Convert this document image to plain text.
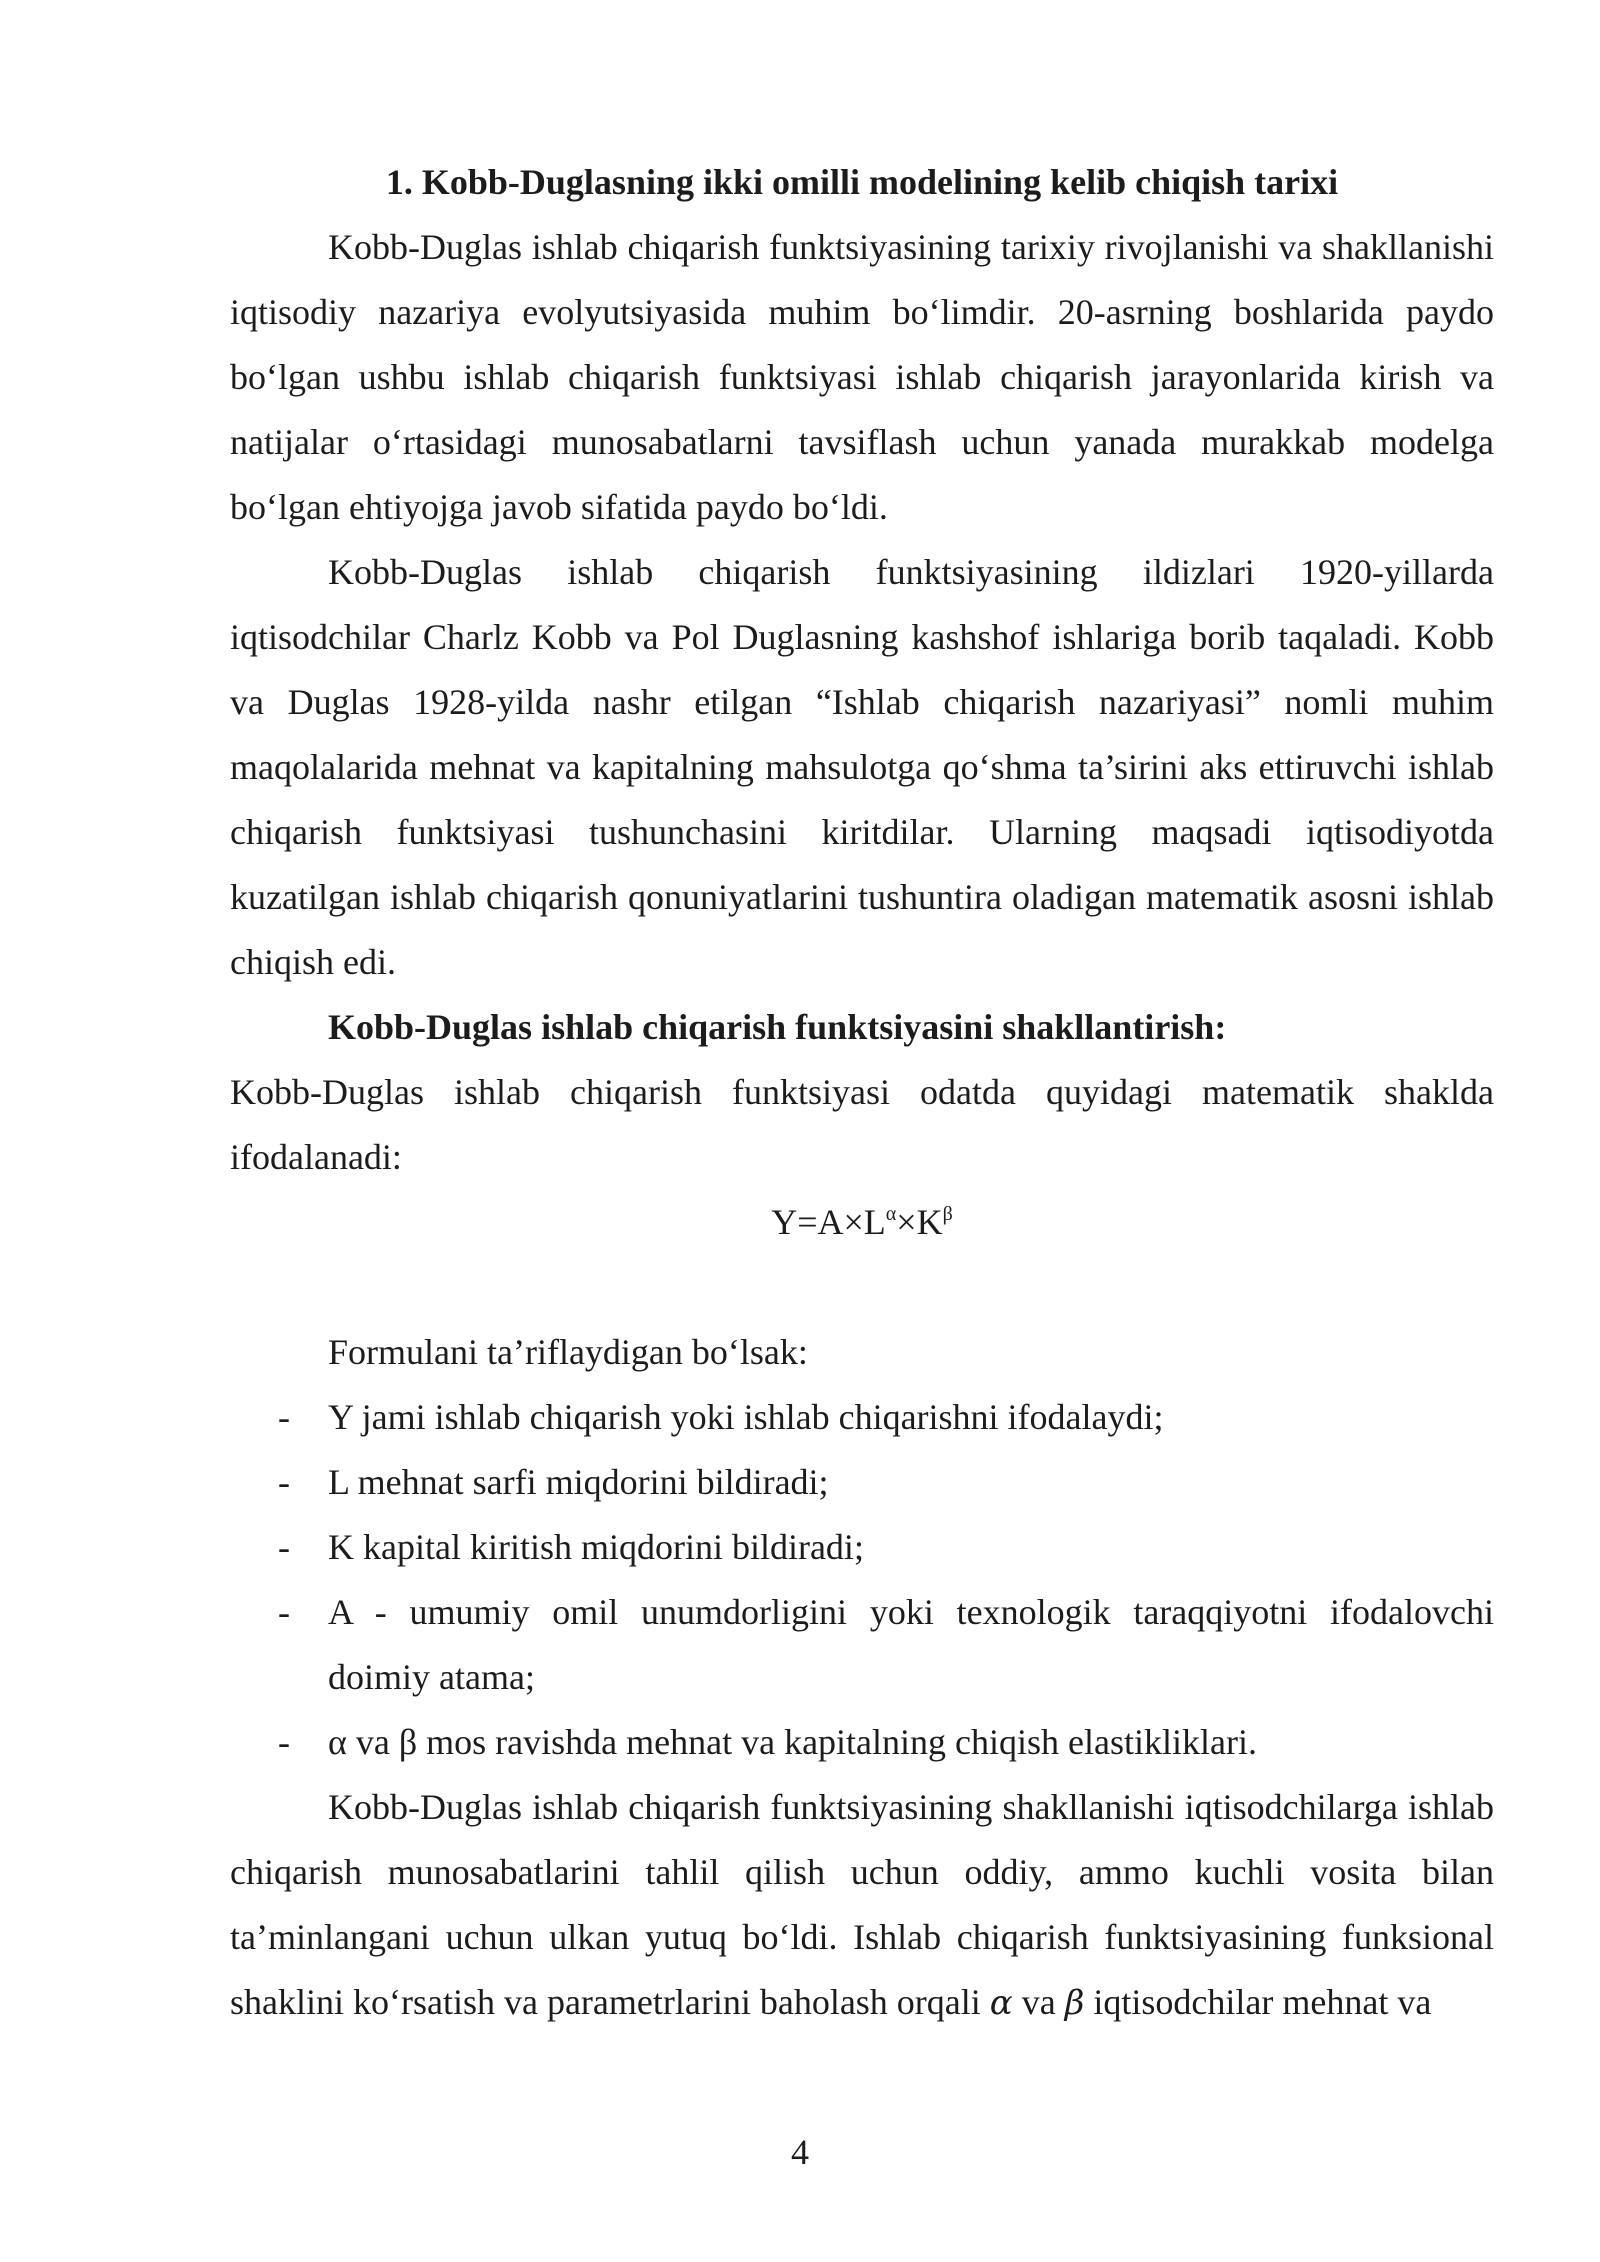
1. Kobb-Duglasning ikki omilli modelining kelib chiqish tarixi

Kobb-Duglas ishlab chiqarish funktsiyasining tarixiy rivojlanishi va shakllanishi iqtisodiy nazariya evolyutsiyasida muhim bo‘limdir. 20-asrning boshlarida paydo bo‘lgan ushbu ishlab chiqarish funktsiyasi ishlab chiqarish jarayonlarida kirish va natijalar o‘rtasidagi munosabatlarni tavsiflash uchun yanada murakkab modelga bo‘lgan ehtiyojga javob sifatida paydo bo‘ldi.

Kobb-Duglas ishlab chiqarish funktsiyasining ildizlari 1920-yillarda iqtisodchilar Charlz Kobb va Pol Duglasning kashshof ishlariga borib taqaladi. Kobb va Duglas 1928-yilda nashr etilgan “Ishlab chiqarish nazariyasi” nomli muhim maqolalarida mehnat va kapitalning mahsulotga qo‘shma ta’sirini aks ettiruvchi ishlab chiqarish funktsiyasi tushunchasini kiritdilar. Ularning maqsadi iqtisodiyotda kuzatilgan ishlab chiqarish qonuniyatlarini tushuntira oladigan matematik asosni ishlab chiqish edi.

Kobb-Duglas ishlab chiqarish funktsiyasini shakllantirish:

Kobb-Duglas ishlab chiqarish funktsiyasi odatda quyidagi matematik shaklda ifodalanadi:

$Y=A\times L^\alpha\times K^\beta$

Formulani ta’riflaydigan bo‘lsak:

- Y jami ishlab chiqarish yoki ishlab chiqarishni ifodalaydi;
- L mehnat sarfi miqdorini bildiradi;
- K kapital kiritish miqdorini bildiradi;
- A - umumiy omil unumdorligini yoki texnologik taraqqiyotni ifodalovchi doimiy atama;
- α va β mos ravishda mehnat va kapitalning chiqish elastikliklari.

Kobb-Duglas ishlab chiqarish funktsiyasining shakllanishi iqtisodchilarga ishlab chiqarish munosabatlarini tahlil qilish uchun oddiy, ammo kuchli vosita bilan ta’minlangani uchun ulkan yutuq bo‘ldi. Ishlab chiqarish funktsiyasining funksional shaklini ko‘rsatish va parametrlarini baholash orqali α va β iqtisodchilar mehnat va

4
